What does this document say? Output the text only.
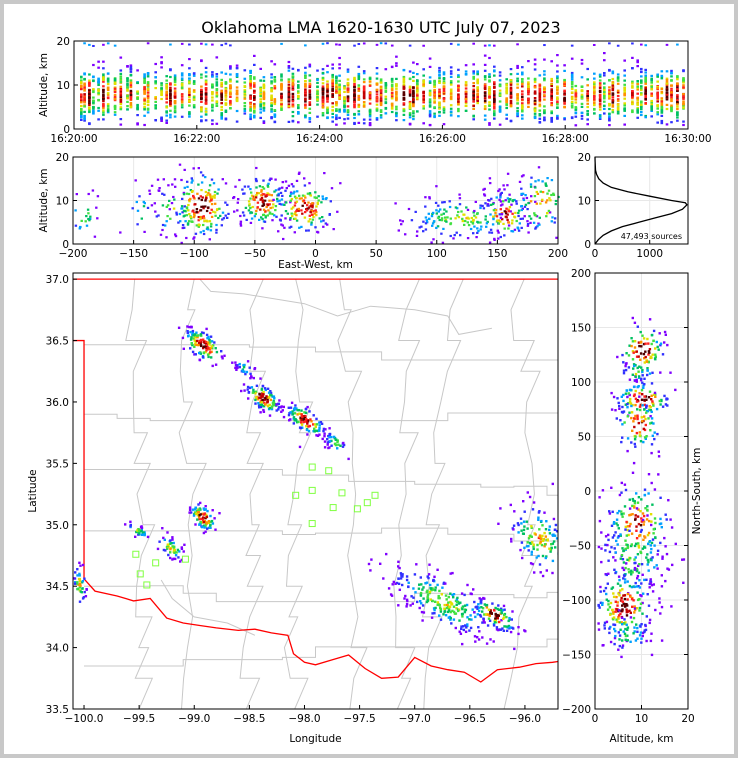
Oklahoma LMA 1620-1630 UTC July 07, 2023
0
10
20
16:20:00	16:22:00	16:24:00	16:26:00	16:28:00	16:30:00
Altitude, km
0
10
20
−200	−150	−100	−50	0	50	100	150	200
East-West, km
Altitude, km
0
10
20
0	1000
47,493 sources
−100.0 −99.5 −99.0 −98.5 −98.0 −97.5 −97.0 −96.5 −96.0
33.5
34.0
34.5
35.0
35.5
36.0
36.5
37.0
Longitude
Latitude
−200
−150
−100
−50
0
50
100
150
200
0	10	20
Altitude, km
North-South, km
